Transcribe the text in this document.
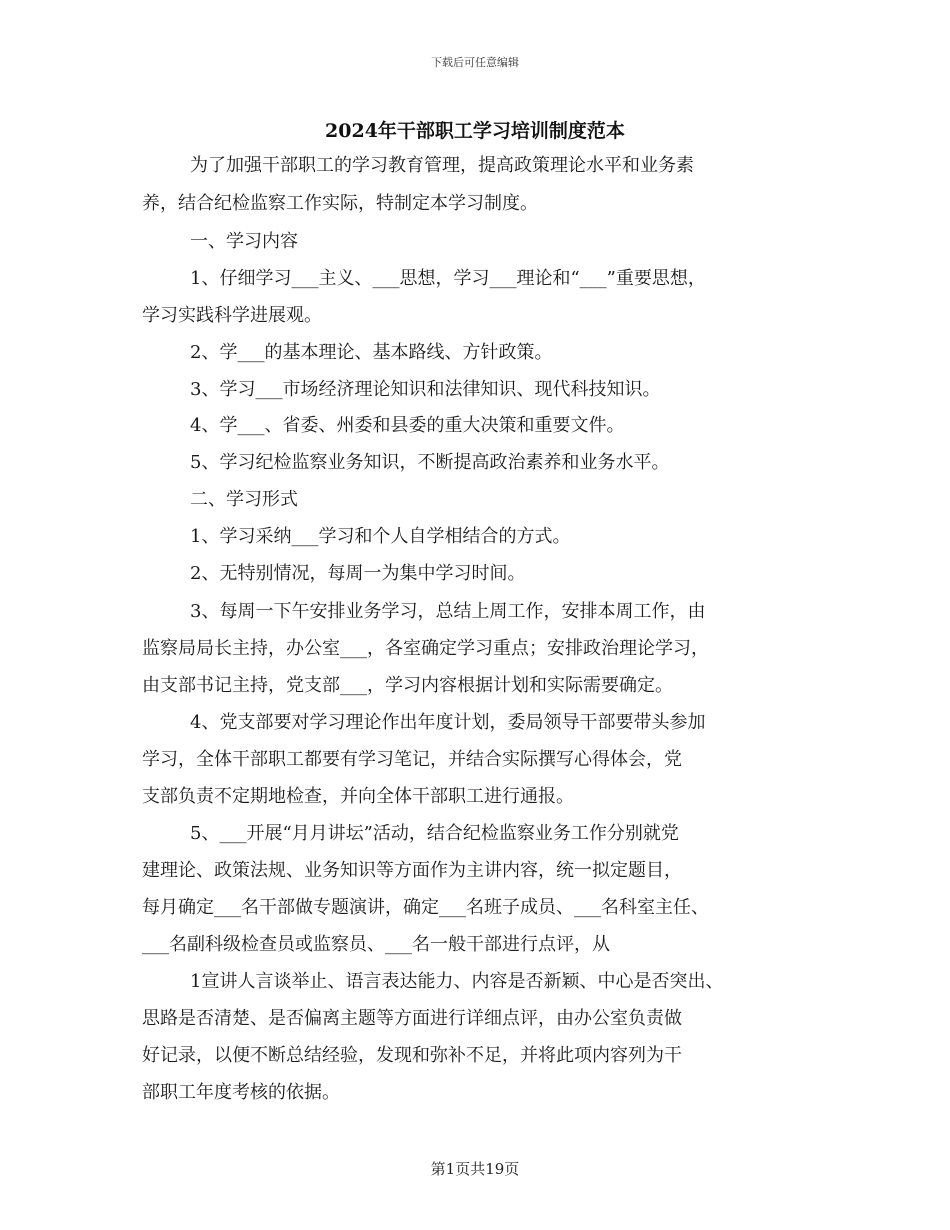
下载后可任意编辑
2024年干部职工学习培训制度范本
为了加强干部职工的学习教育管理，提高政策理论水平和业务素
养，结合纪检监察工作实际，特制定本学习制度。
一、学习内容
1、仔细学习___主义、___思想，学习___理论和“___”重要思想，
学习实践科学进展观。
2、学___的基本理论、基本路线、方针政策。
3、学习___市场经济理论知识和法律知识、现代科技知识。
4、学___、省委、州委和县委的重大决策和重要文件。
5、学习纪检监察业务知识，不断提高政治素养和业务水平。
二、学习形式
1、学习采纳___学习和个人自学相结合的方式。
2、无特别情况，每周一为集中学习时间。
3、每周一下午安排业务学习，总结上周工作，安排本周工作，由
监察局局长主持，办公室___，各室确定学习重点；安排政治理论学习，
由支部书记主持，党支部___，学习内容根据计划和实际需要确定。
4、党支部要对学习理论作出年度计划，委局领导干部要带头参加
学习，全体干部职工都要有学习笔记，并结合实际撰写心得体会，党
支部负责不定期地检查，并向全体干部职工进行通报。
5、___开展“月月讲坛”活动，结合纪检监察业务工作分别就党
建理论、政策法规、业务知识等方面作为主讲内容，统一拟定题目，
每月确定___名干部做专题演讲，确定___名班子成员、___名科室主任、
___名副科级检查员或监察员、___名一般干部进行点评，从
1宣讲人言谈举止、语言表达能力、内容是否新颖、中心是否突出、
思路是否清楚、是否偏离主题等方面进行详细点评，由办公室负责做
好记录，以便不断总结经验，发现和弥补不足，并将此项内容列为干
部职工年度考核的依据。
第1页共19页
